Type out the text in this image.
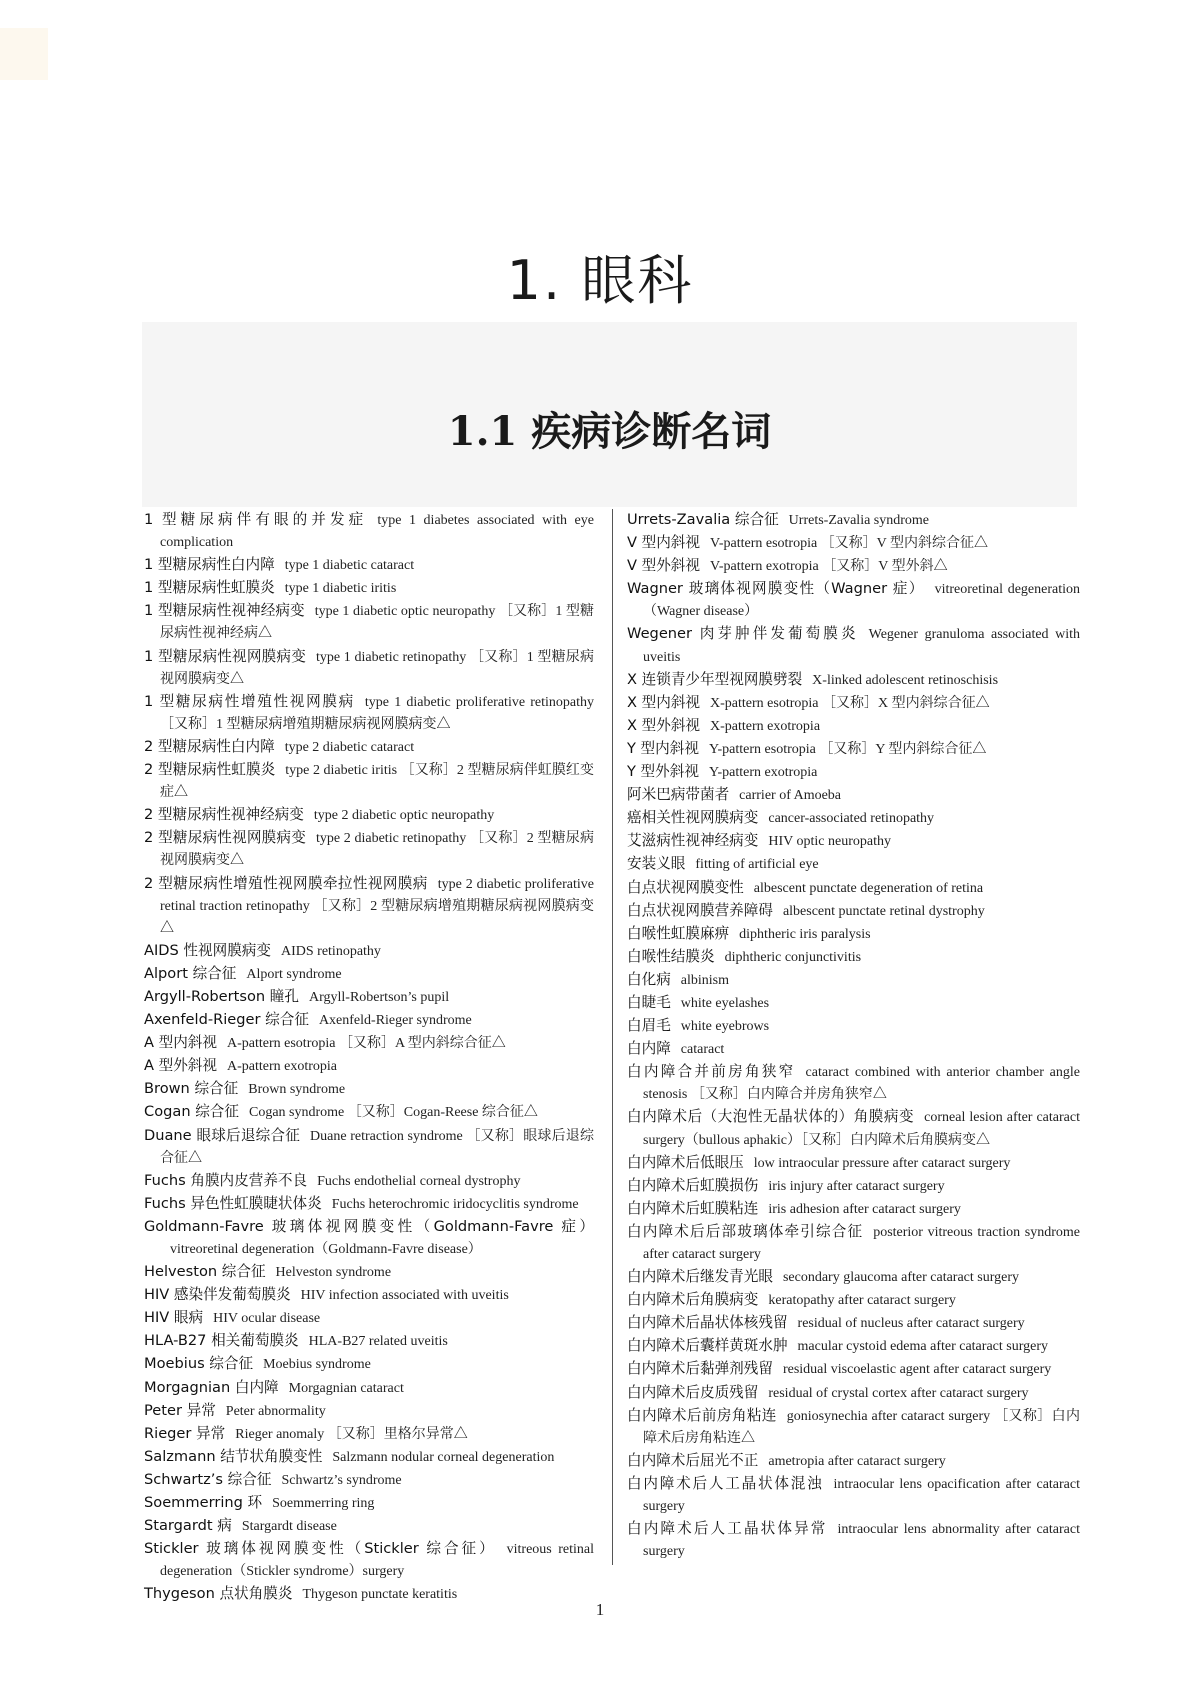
1. 眼科
1.1 疾病诊断名词
1 型糖尿病伴有眼的并发症 type 1 diabetes associated with eye complication
1 型糖尿病性白内障 type 1 diabetic cataract
1 型糖尿病性虹膜炎 type 1 diabetic iritis
1 型糖尿病性视神经病变 type 1 diabetic optic neuropathy ［又称］1 型糖尿病性视神经病△
1 型糖尿病性视网膜病变 type 1 diabetic retinopathy ［又称］1 型糖尿病视网膜病变△
1 型糖尿病性增殖性视网膜病 type 1 diabetic proliferative retinopathy ［又称］1 型糖尿病增殖期糖尿病视网膜病变△
2 型糖尿病性白内障 type 2 diabetic cataract
2 型糖尿病性虹膜炎 type 2 diabetic iritis ［又称］2 型糖尿病伴虹膜红变症△
2 型糖尿病性视神经病变 type 2 diabetic optic neuropathy
2 型糖尿病性视网膜病变 type 2 diabetic retinopathy ［又称］2 型糖尿病视网膜病变△
2 型糖尿病性增殖性视网膜牵拉性视网膜病 type 2 diabetic proliferative retinal traction retinopathy ［又称］2 型糖尿病增殖期糖尿病视网膜病变△
AIDS 性视网膜病变 AIDS retinopathy
Alport 综合征 Alport syndrome
Argyll-Robertson 瞳孔 Argyll-Robertson’s pupil
Axenfeld-Rieger 综合征 Axenfeld-Rieger syndrome
A 型内斜视 A-pattern esotropia ［又称］A 型内斜综合征△
A 型外斜视 A-pattern exotropia
Brown 综合征 Brown syndrome
Cogan 综合征 Cogan syndrome ［又称］Cogan-Reese 综合征△
Duane 眼球后退综合征 Duane retraction syndrome ［又称］眼球后退综合征△
Fuchs 角膜内皮营养不良 Fuchs endothelial corneal dystrophy
Fuchs 异色性虹膜睫状体炎 Fuchs heterochromic iridocyclitis syndrome
Goldmann-Favre 玻璃体视网膜变性（Goldmann-Favre 症）vitreoretinal degeneration（Goldmann-Favre disease）
Helveston 综合征 Helveston syndrome
HIV 感染伴发葡萄膜炎 HIV infection associated with uveitis
HIV 眼病 HIV ocular disease
HLA-B27 相关葡萄膜炎 HLA-B27 related uveitis
Moebius 综合征 Moebius syndrome
Morgagnian 白内障 Morgagnian cataract
Peter 异常 Peter abnormality
Rieger 异常 Rieger anomaly ［又称］里格尔异常△
Salzmann 结节状角膜变性 Salzmann nodular corneal degeneration
Schwartz’s 综合征 Schwartz’s syndrome
Soemmerring 环 Soemmerring ring
Stargardt 病 Stargardt disease
Stickler 玻璃体视网膜变性（Stickler 综合征） vitreous retinal degeneration（Stickler syndrome）surgery
Thygeson 点状角膜炎 Thygeson punctate keratitis
Urrets-Zavalia 综合征 Urrets-Zavalia syndrome
V 型内斜视 V-pattern esotropia ［又称］V 型内斜综合征△
V 型外斜视 V-pattern exotropia ［又称］V 型外斜△
Wagner 玻璃体视网膜变性（Wagner 症） vitreoretinal degeneration（Wagner disease）
Wegener 肉芽肿伴发葡萄膜炎 Wegener granuloma associated with uveitis
X 连锁青少年型视网膜劈裂 X-linked adolescent retinoschisis
X 型内斜视 X-pattern esotropia ［又称］X 型内斜综合征△
X 型外斜视 X-pattern exotropia
Y 型内斜视 Y-pattern esotropia ［又称］Y 型内斜综合征△
Y 型外斜视 Y-pattern exotropia
阿米巴病带菌者 carrier of Amoeba
癌相关性视网膜病变 cancer-associated retinopathy
艾滋病性视神经病变 HIV optic neuropathy
安装义眼 fitting of artificial eye
白点状视网膜变性 albescent punctate degeneration of retina
白点状视网膜营养障碍 albescent punctate retinal dystrophy
白喉性虹膜麻痹 diphtheric iris paralysis
白喉性结膜炎 diphtheric conjunctivitis
白化病 albinism
白睫毛 white eyelashes
白眉毛 white eyebrows
白内障 cataract
白内障合并前房角狭窄 cataract combined with anterior chamber angle stenosis ［又称］白内障合并房角狭窄△
白内障术后（大泡性无晶状体的）角膜病变 corneal lesion after cataract surgery（bullous aphakic）［又称］白内障术后角膜病变△
白内障术后低眼压 low intraocular pressure after cataract surgery
白内障术后虹膜损伤 iris injury after cataract surgery
白内障术后虹膜粘连 iris adhesion after cataract surgery
白内障术后后部玻璃体牵引综合征 posterior vitreous traction syndrome after cataract surgery
白内障术后继发青光眼 secondary glaucoma after cataract surgery
白内障术后角膜病变 keratopathy after cataract surgery
白内障术后晶状体核残留 residual of nucleus after cataract surgery
白内障术后囊样黄斑水肿 macular cystoid edema after cataract surgery
白内障术后黏弹剂残留 residual viscoelastic agent after cataract surgery
白内障术后皮质残留 residual of crystal cortex after cataract surgery
白内障术后前房角粘连 goniosynechia after cataract surgery ［又称］白内障术后房角粘连△
白内障术后屈光不正 ametropia after cataract surgery
白内障术后人工晶状体混浊 intraocular lens opacification after cataract surgery
白内障术后人工晶状体异常 intraocular lens abnormality after cataract surgery
1
